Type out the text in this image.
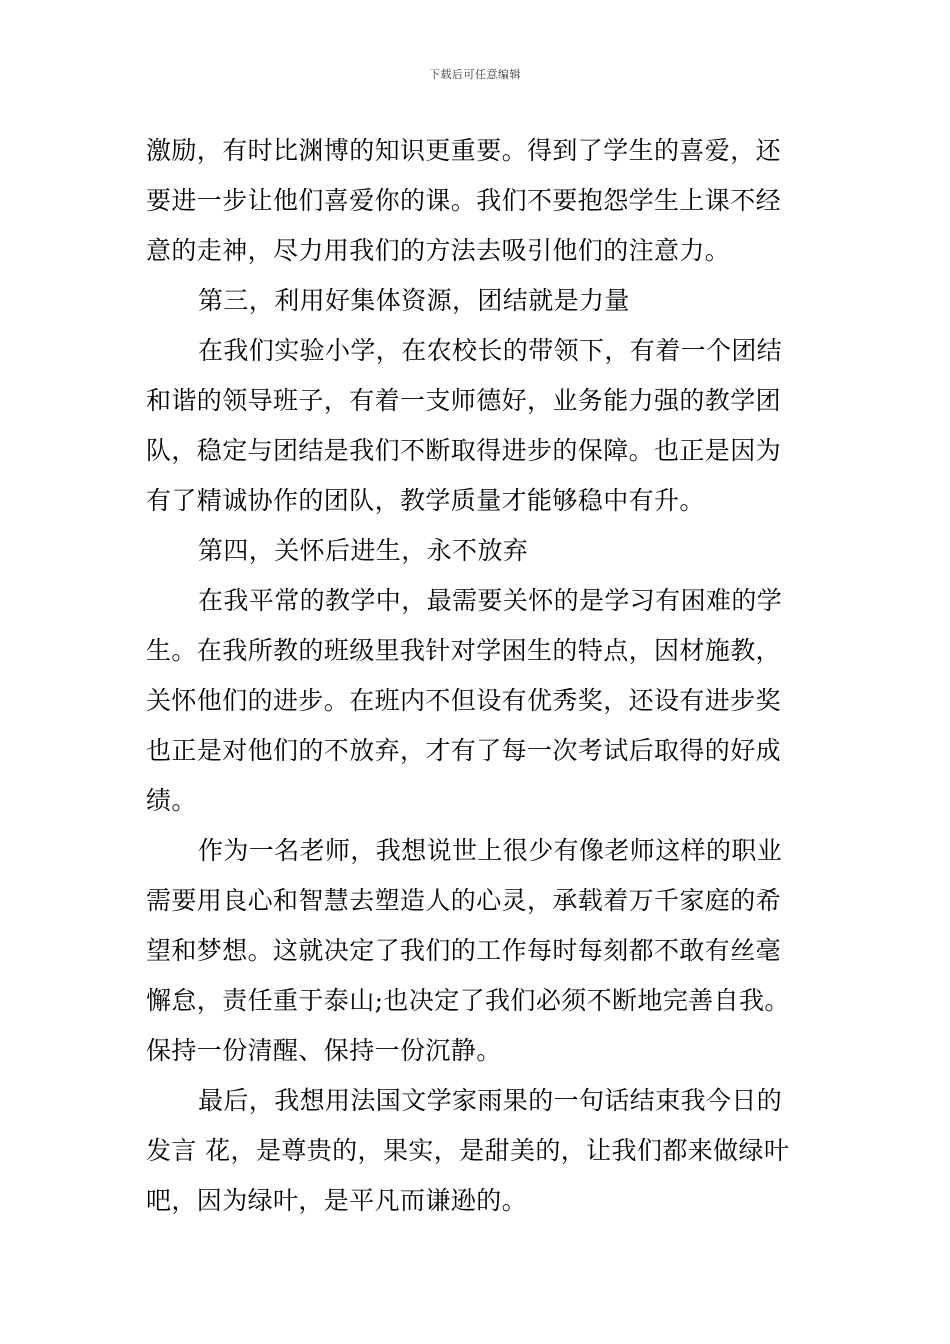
下载后可任意编辑
激励，有时比渊博的知识更重要。得到了学生的喜爱，还
要进一步让他们喜爱你的课。我们不要抱怨学生上课不经
意的走神，尽力用我们的方法去吸引他们的注意力。
第三，利用好集体资源，团结就是力量
在我们实验小学，在农校长的带领下，有着一个团结
和谐的领导班子，有着一支师德好，业务能力强的教学团
队，稳定与团结是我们不断取得进步的保障。也正是因为
有了精诚协作的团队，教学质量才能够稳中有升。
第四，关怀后进生，永不放弃
在我平常的教学中，最需要关怀的是学习有困难的学
生。在我所教的班级里我针对学困生的特点，因材施教，
关怀他们的进步。在班内不但设有优秀奖，还设有进步奖
也正是对他们的不放弃，才有了每一次考试后取得的好成
绩。
作为一名老师，我想说世上很少有像老师这样的职业
需要用良心和智慧去塑造人的心灵，承载着万千家庭的希
望和梦想。这就决定了我们的工作每时每刻都不敢有丝毫
懈怠，责任重于泰山;也决定了我们必须不断地完善自我。
保持一份清醒、保持一份沉静。
最后，我想用法国文学家雨果的一句话结束我今日的
发言 花，是尊贵的，果实，是甜美的，让我们都来做绿叶
吧，因为绿叶，是平凡而谦逊的。
